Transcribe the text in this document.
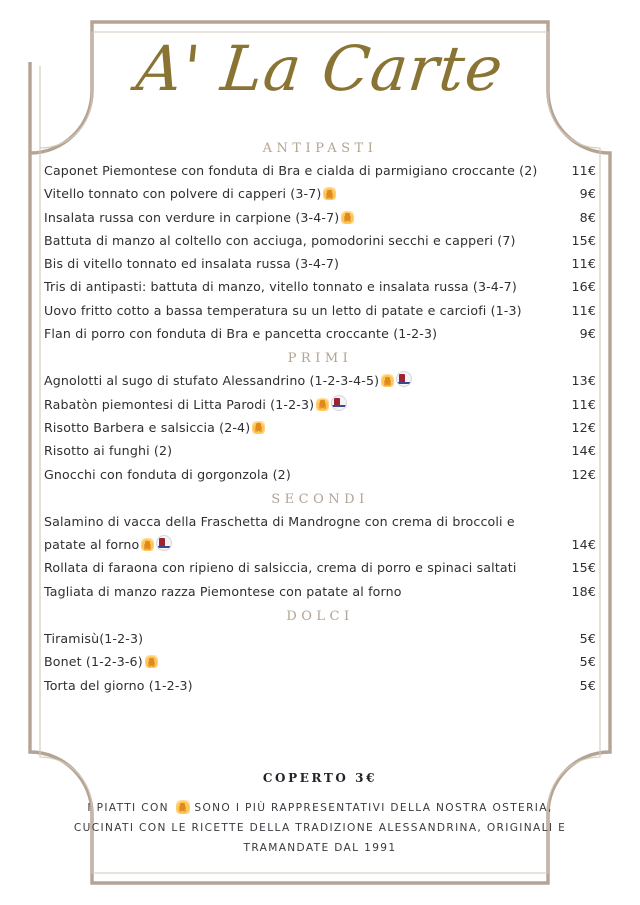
A' La Carte
ANTIPASTI
Caponet Piemontese con fonduta di Bra e cialda di parmigiano croccante (2)	11€
Vitello tonnato con polvere di capperi (3-7)	9€
Insalata russa con verdure in carpione (3-4-7)	8€
Battuta di manzo al coltello con acciuga, pomodorini secchi e capperi (7)	15€
Bis di vitello tonnato ed insalata russa (3-4-7)	11€
Tris di antipasti: battuta di manzo, vitello tonnato e insalata russa (3-4-7)	16€
Uovo fritto cotto a bassa temperatura su un letto di patate e carciofi (1-3)	11€
Flan di porro con fonduta di Bra e pancetta croccante (1-2-3)	9€
PRIMI
Agnolotti al sugo di stufato Alessandrino (1-2-3-4-5)	13€
Rabatòn piemontesi di Litta Parodi (1-2-3)	11€
Risotto Barbera e salsiccia (2-4)	12€
Risotto ai funghi (2)	14€
Gnocchi con fonduta di gorgonzola (2)	12€
SECONDI
Salamino di vacca della Fraschetta di Mandrogne con crema di broccoli e patate al forno	14€
Rollata di faraona con ripieno di salsiccia, crema di porro e spinaci saltati	15€
Tagliata di manzo razza Piemontese con patate al forno	18€
DOLCI
Tiramisù(1-2-3)	5€
Bonet (1-2-3-6)	5€
Torta del giorno (1-2-3)	5€
COPERTO 3€
I PIATTI CON SONO I PIÙ RAPPRESENTATIVI DELLA NOSTRA OSTERIA, CUCINATI CON LE RICETTE DELLA TRADIZIONE ALESSANDRINA, ORIGINALI E TRAMANDATE DAL 1991
